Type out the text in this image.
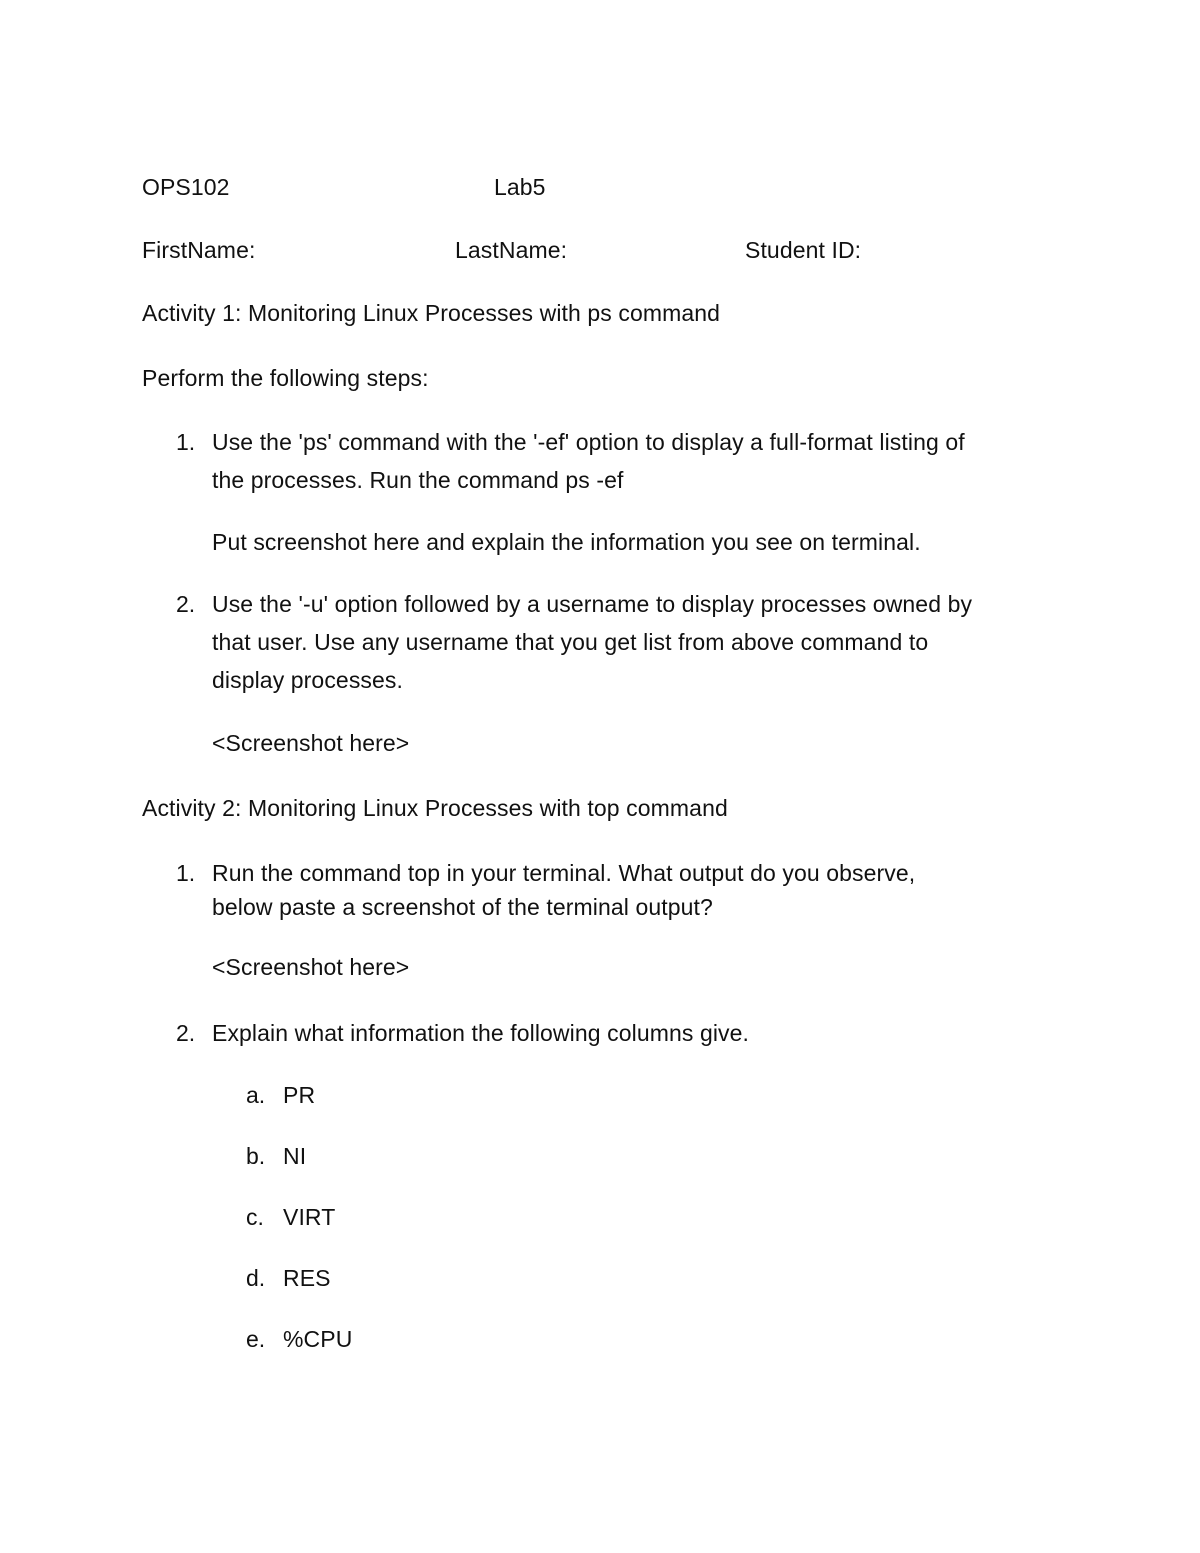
OPS102	Lab5
FirstName:	LastName:	Student ID:
Activity 1: Monitoring Linux Processes with ps command
Perform the following steps:
1. Use the 'ps' command with the '-ef' option to display a full-format listing of
the processes. Run the command ps -ef
Put screenshot here and explain the information you see on terminal.
2. Use the '-u' option followed by a username to display processes owned by
that user. Use any username that you get list from above command to
display processes.
<Screenshot here>
Activity 2: Monitoring Linux Processes with top command
1. Run the command top in your terminal. What output do you observe,
below paste a screenshot of the terminal output?
<Screenshot here>
2. Explain what information the following columns give.
a. PR
b. NI
c. VIRT
d. RES
e. %CPU
